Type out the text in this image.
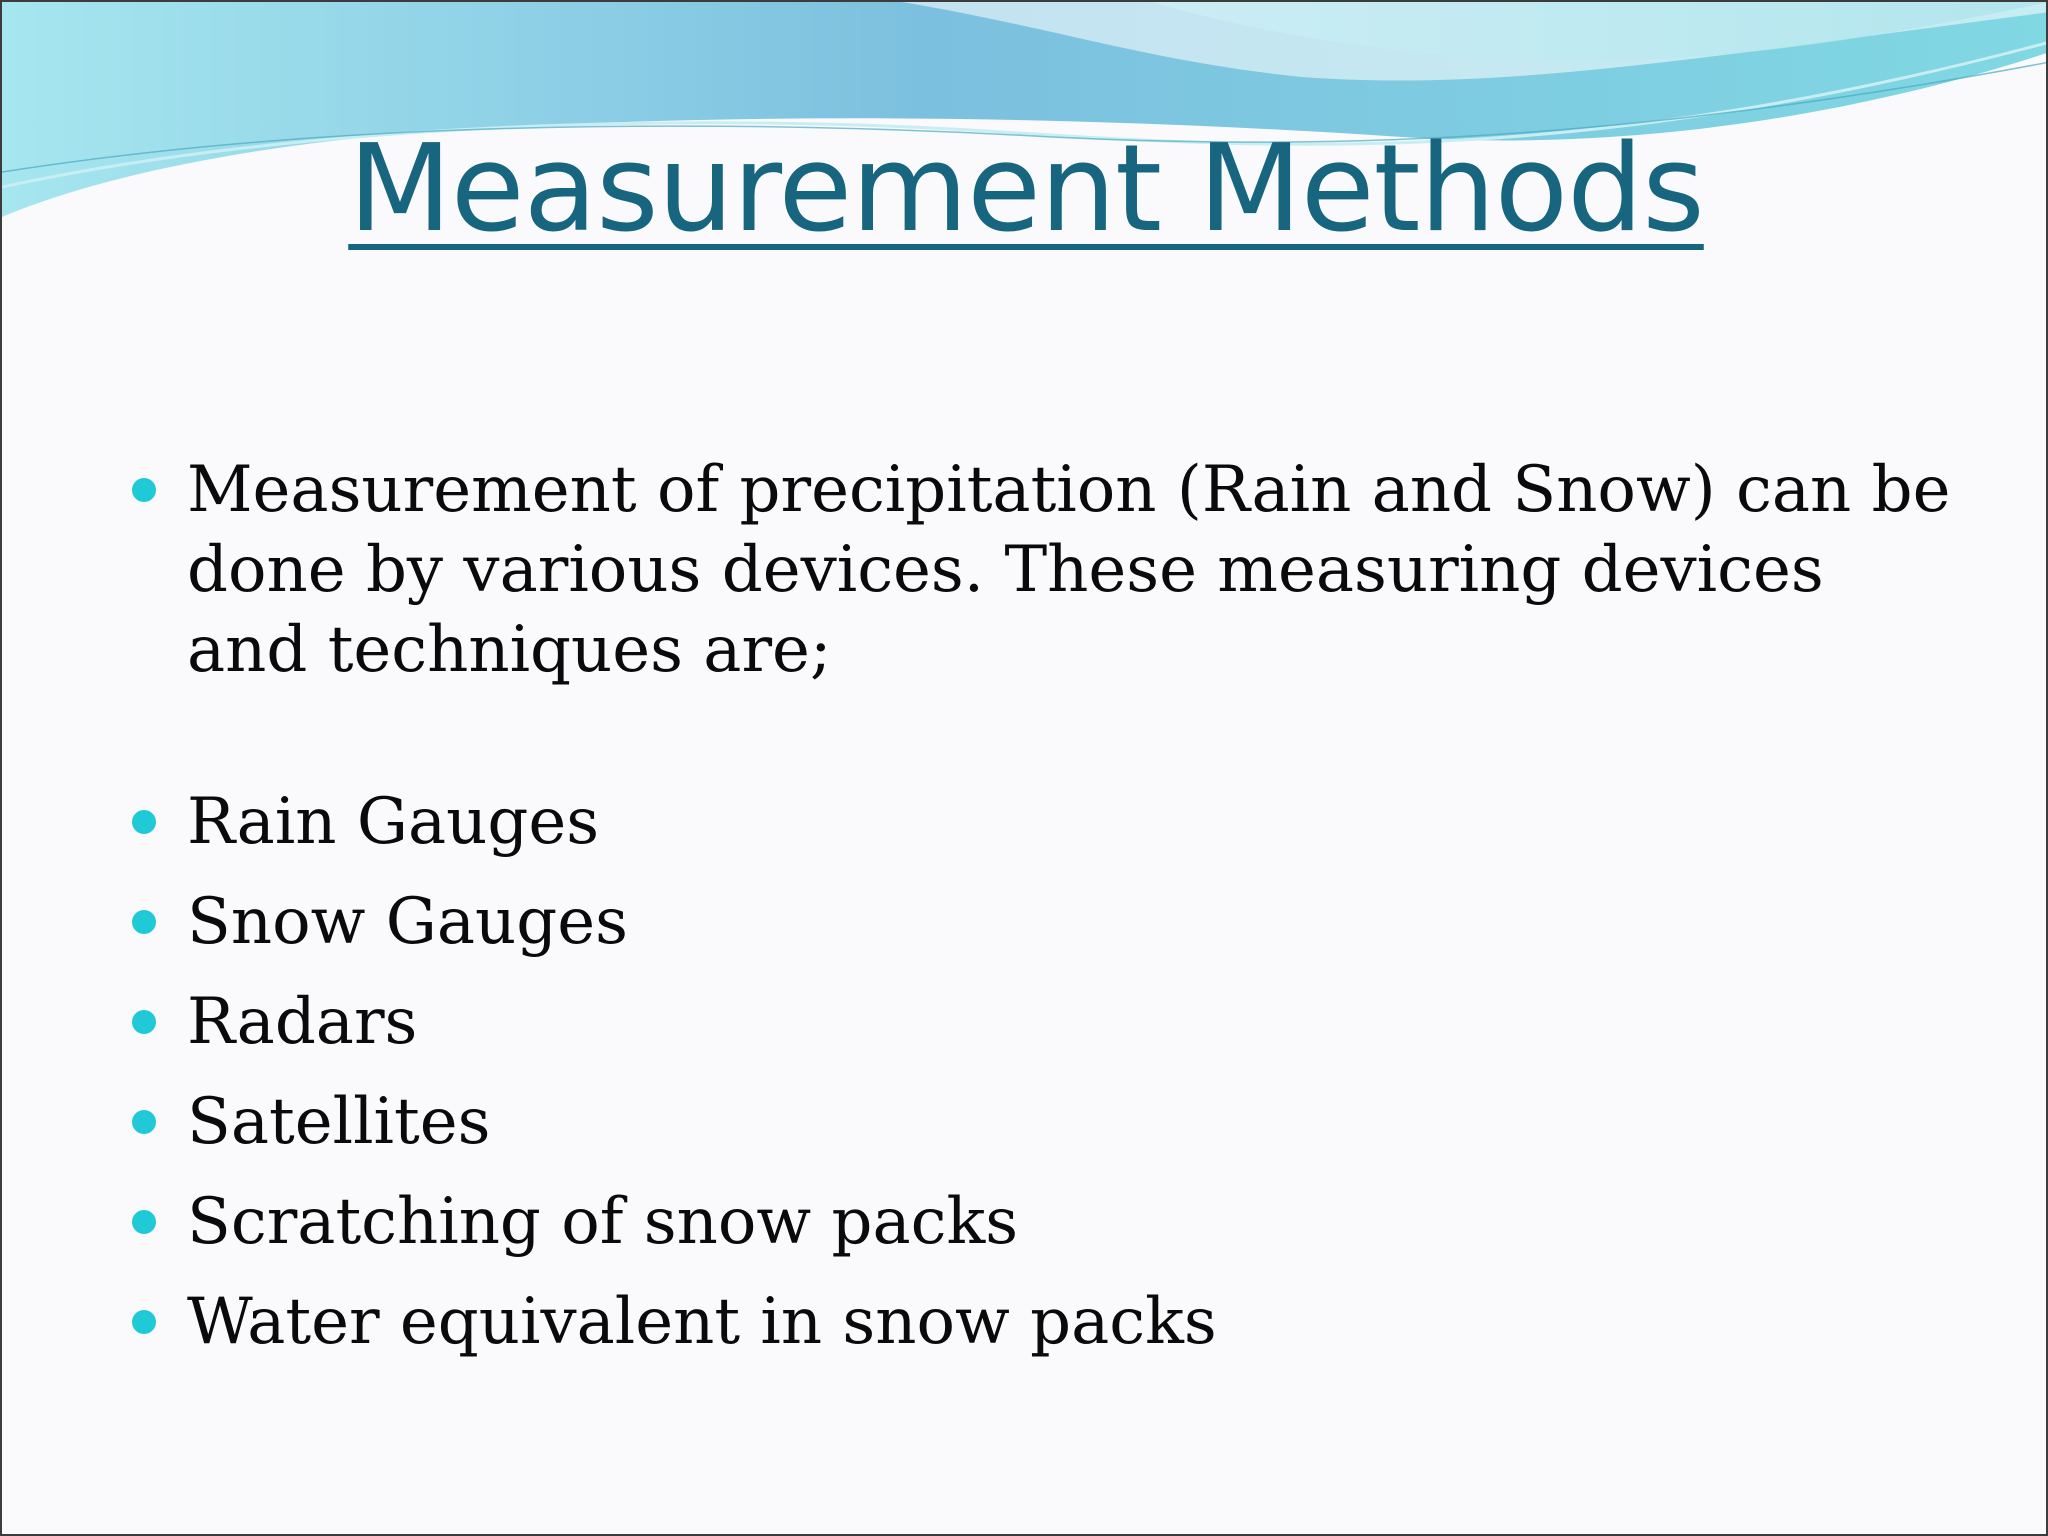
Measurement Methods
Measurement of precipitation (Rain and Snow) can be done by various devices. These measuring devices and techniques are;
Rain Gauges
Snow Gauges
Radars
Satellites
Scratching of snow packs
Water equivalent in snow packs
